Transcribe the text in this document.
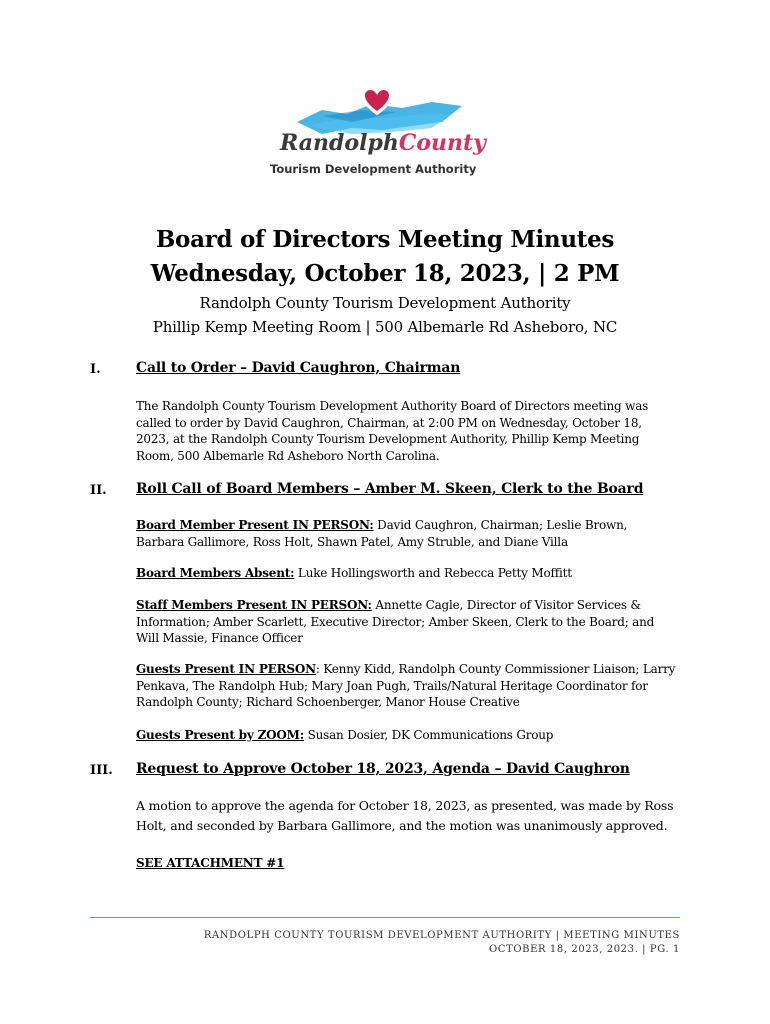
RandolphCounty
Tourism Development Authority
Board of Directors Meeting Minutes
Wednesday, October 18, 2023, | 2 PM
Randolph County Tourism Development Authority
Phillip Kemp Meeting Room | 500 Albemarle Rd Asheboro, NC
I.	Call to Order – David Caughron, Chairman
The Randolph County Tourism Development Authority Board of Directors meeting was called to order by David Caughron, Chairman, at 2:00 PM on Wednesday, October 18, 2023, at the Randolph County Tourism Development Authority, Phillip Kemp Meeting Room, 500 Albemarle Rd Asheboro North Carolina.
II. Roll Call of Board Members – Amber M. Skeen, Clerk to the Board
Board Member Present IN PERSON: David Caughron, Chairman; Leslie Brown, Barbara Gallimore, Ross Holt, Shawn Patel, Amy Struble, and Diane Villa
Board Members Absent: Luke Hollingsworth and Rebecca Petty Moffitt
Staff Members Present IN PERSON: Annette Cagle, Director of Visitor Services & Information; Amber Scarlett, Executive Director; Amber Skeen, Clerk to the Board; and Will Massie, Finance Officer
Guests Present IN PERSON: Kenny Kidd, Randolph County Commissioner Liaison; Larry Penkava, The Randolph Hub; Mary Joan Pugh, Trails/Natural Heritage Coordinator for Randolph County; Richard Schoenberger, Manor House Creative
Guests Present by ZOOM: Susan Dosier, DK Communications Group
III. Request to Approve October 18, 2023, Agenda – David Caughron
A motion to approve the agenda for October 18, 2023, as presented, was made by Ross Holt, and seconded by Barbara Gallimore, and the motion was unanimously approved.
SEE ATTACHMENT #1
RANDOLPH COUNTY TOURISM DEVELOPMENT AUTHORITY | MEETING MINUTES
OCTOBER 18, 2023, 2023. | PG. 1
